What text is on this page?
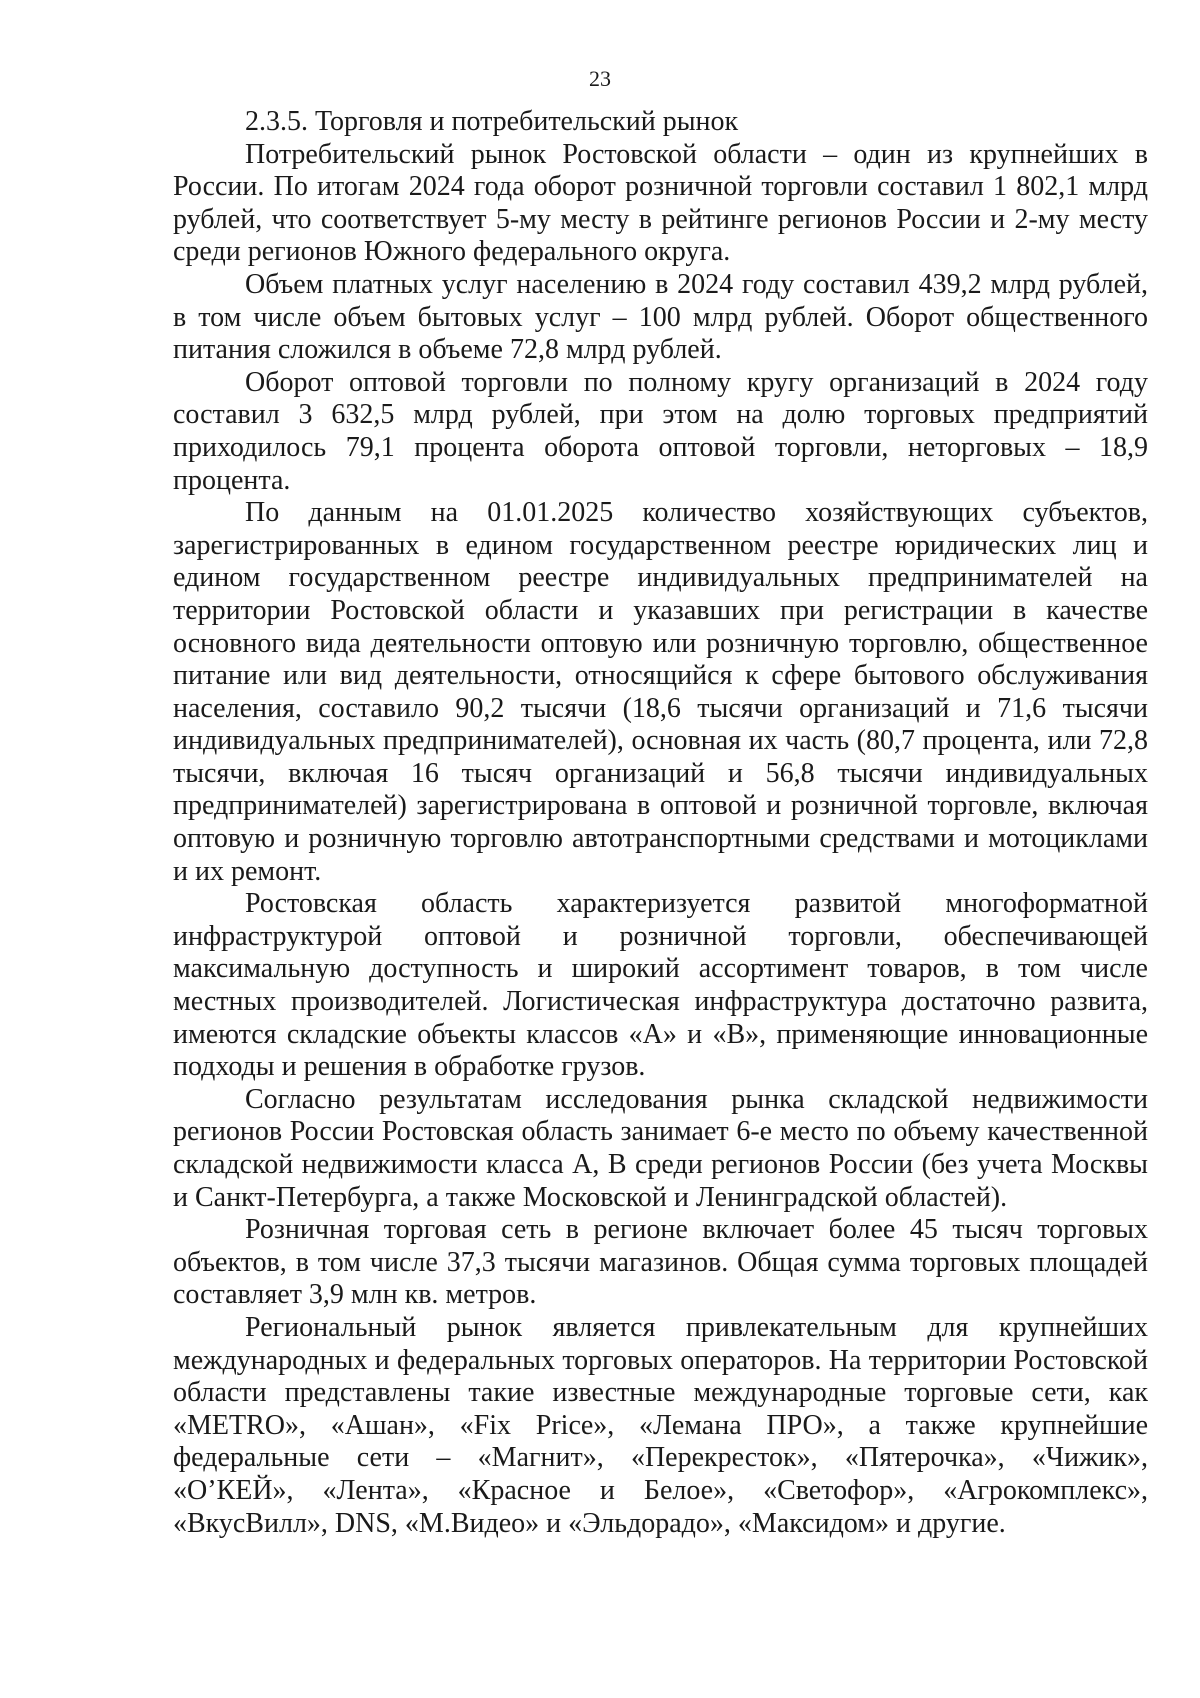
23
2.3.5. Торговля и потребительский рынок

Потребительский рынок Ростовской области – один из крупнейших в России. По итогам 2024 года оборот розничной торговли составил 1 802,1 млрд рублей, что соответствует 5-му месту в рейтинге регионов России и 2-му месту среди регионов Южного федерального округа.

Объем платных услуг населению в 2024 году составил 439,2 млрд рублей, в том числе объем бытовых услуг – 100 млрд рублей. Оборот общественного питания сложился в объеме 72,8 млрд рублей.

Оборот оптовой торговли по полному кругу организаций в 2024 году составил 3 632,5 млрд рублей, при этом на долю торговых предприятий приходилось 79,1 процента оборота оптовой торговли, неторговых – 18,9 процента.

По данным на 01.01.2025 количество хозяйствующих субъектов, зарегистрированных в едином государственном реестре юридических лиц и едином государственном реестре индивидуальных предпринимателей на территории Ростовской области и указавших при регистрации в качестве основного вида деятельности оптовую или розничную торговлю, общественное питание или вид деятельности, относящийся к сфере бытового обслуживания населения, составило 90,2 тысячи (18,6 тысячи организаций и 71,6 тысячи индивидуальных предпринимателей), основная их часть (80,7 процента, или 72,8 тысячи, включая 16 тысяч организаций и 56,8 тысячи индивидуальных предпринимателей) зарегистрирована в оптовой и розничной торговле, включая оптовую и розничную торговлю автотранспортными средствами и мотоциклами и их ремонт.

Ростовская область характеризуется развитой многоформатной инфраструктурой оптовой и розничной торговли, обеспечивающей максимальную доступность и широкий ассортимент товаров, в том числе местных производителей. Логистическая инфраструктура достаточно развита, имеются складские объекты классов «А» и «В», применяющие инновационные подходы и решения в обработке грузов.

Согласно результатам исследования рынка складской недвижимости регионов России Ростовская область занимает 6-е место по объему качественной складской недвижимости класса А, В среди регионов России (без учета Москвы и Санкт-Петербурга, а также Московской и Ленинградской областей).

Розничная торговая сеть в регионе включает более 45 тысяч торговых объектов, в том числе 37,3 тысячи магазинов. Общая сумма торговых площадей составляет 3,9 млн кв. метров.

Региональный рынок является привлекательным для крупнейших международных и федеральных торговых операторов. На территории Ростовской области представлены такие известные международные торговые сети, как «METRO», «Ашан», «Fix Price», «Лемана ПРО», а также крупнейшие федеральные сети – «Магнит», «Перекресток», «Пятерочка», «Чижик», «О’КЕЙ», «Лента», «Красное и Белое», «Светофор», «Агрокомплекс», «ВкусВилл», DNS, «М.Видео» и «Эльдорадо», «Максидом» и другие.
